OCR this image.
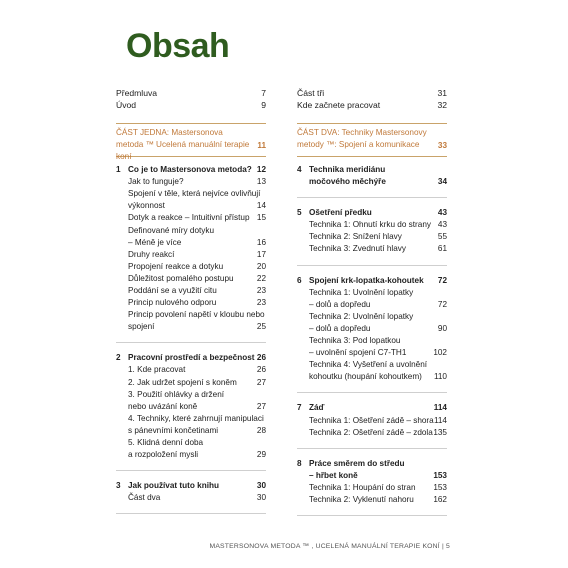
Obsah
Předmluva	7
Úvod	9
ČÁST JEDNA: Mastersonova metoda ™ Ucelená manuální terapie koní
11
1 Co je to Mastersonova metoda? 12
Jak to funguje?	13
Spojení v těle, která nejvíce ovlivňují
výkonnost	14
Dotyk a reakce – Intuitivní přístup 15
Definované míry dotyku
– Méně je více	16
Druhy reakcí	17
Propojení reakce a dotyku	20
Důležitost pomalého postupu	22
Poddání se a využití citu	23
Princip nulového odporu	23
Princip povolení napětí v kloubu nebo
spojení	25
2 Pracovní prostředí a bezpečnost 26
1. Kde pracovat	26
2. Jak udržet spojení s koněm 27
3. Použití ohlávky a držení
nebo uvázání koně	27
4. Techniky, které zahrnují manipulaci
s pánevními končetinami	28
5. Klidná denní doba
a rozpoložení mysli	29
3 Jak používat tuto knihu	30
Část dva	30
Část tři	31
Kde začnete pracovat	32
ČÁST DVA: Techniky Mastersonovy metody ™: Spojení a komunikace	33
4 Technika meridiánu
močového měchýře	34
5 Ošetření předku	43
Technika 1: Ohnutí krku do strany 43
Technika 2: Snížení hlavy	55
Technika 3: Zvednutí hlavy	61
6 Spojení krk-lopatka-kohoutek 72
Technika 1: Uvolnění lopatky
– dolů a dopředu	72
Technika 2: Uvolnění lopatky
– dolů a dopředu	90
Technika 3: Pod lopatkou
– uvolnění spojení C7-TH1	102
Technika 4: Vyšetření a uvolnění
kohoutku (houpání kohoutkem) 110
7 Záď	114
Technika 1: Ošetření zádě – shora 114
Technika 2: Ošetření zádě – zdola 135
8 Práce směrem do středu
– hřbet koně	153
Technika 1: Houpání do stran 153
Technika 2: Vyklenutí nahoru 162
MASTERSONOVA METODA ™ , UCELENÁ MANUÁLNÍ TERAPIE KONÍ | 5
